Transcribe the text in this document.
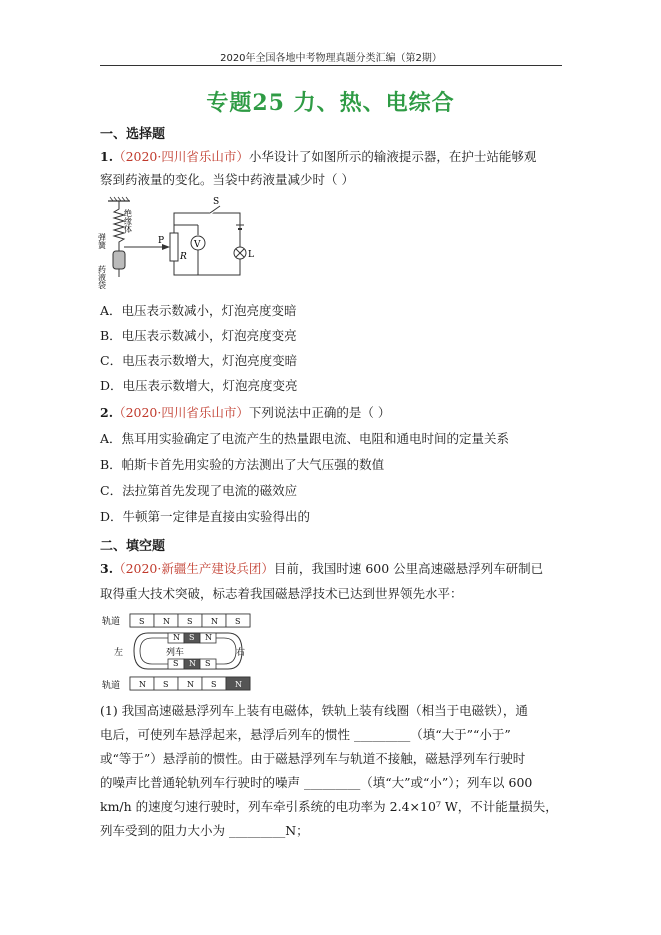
2020年全国各地中考物理真题分类汇编（第2期）
专题25 力、热、电综合
一、选择题
1.（2020·四川省乐山市）小华设计了如图所示的输液提示器，在护士站能够观
察到药液量的变化。当袋中药液量减少时（ ）
弹簧
药液袋
绝缘体
P
R
S
V
L
A．电压表示数减小，灯泡亮度变暗
B．电压表示数减小，灯泡亮度变亮
C．电压表示数增大，灯泡亮度变暗
D．电压表示数增大，灯泡亮度变亮
2.（2020·四川省乐山市）下列说法中正确的是（ ）
A．焦耳用实验确定了电流产生的热量跟电流、电阻和通电时间的定量关系
B．帕斯卡首先用实验的方法测出了大气压强的数值
C．法拉第首先发现了电流的磁效应
D．牛顿第一定律是直接由实验得出的
二、填空题
3.（2020·新疆生产建设兵团）目前，我国时速 600 公里高速磁悬浮列车研制已
取得重大技术突破，标志着我国磁悬浮技术已达到世界领先水平：
轨道
轨道
列车
左	右
S N S N S
N S N S N
N S N
S N S
(1) 我国高速磁悬浮列车上装有电磁体，铁轨上装有线圈（相当于电磁铁），通
电后，可使列车悬浮起来，悬浮后列车的惯性 _________（填“大于”“小于”
或“等于”）悬浮前的惯性。由于磁悬浮列车与轨道不接触，磁悬浮列车行驶时
的噪声比普通轮轨列车行驶时的噪声 _________（填“大”或“小”）；列车以 600
km/h 的速度匀速行驶时，列车牵引系统的电功率为 2.4×10⁷ W，不计能量损失，
列车受到的阻力大小为 _________N；
